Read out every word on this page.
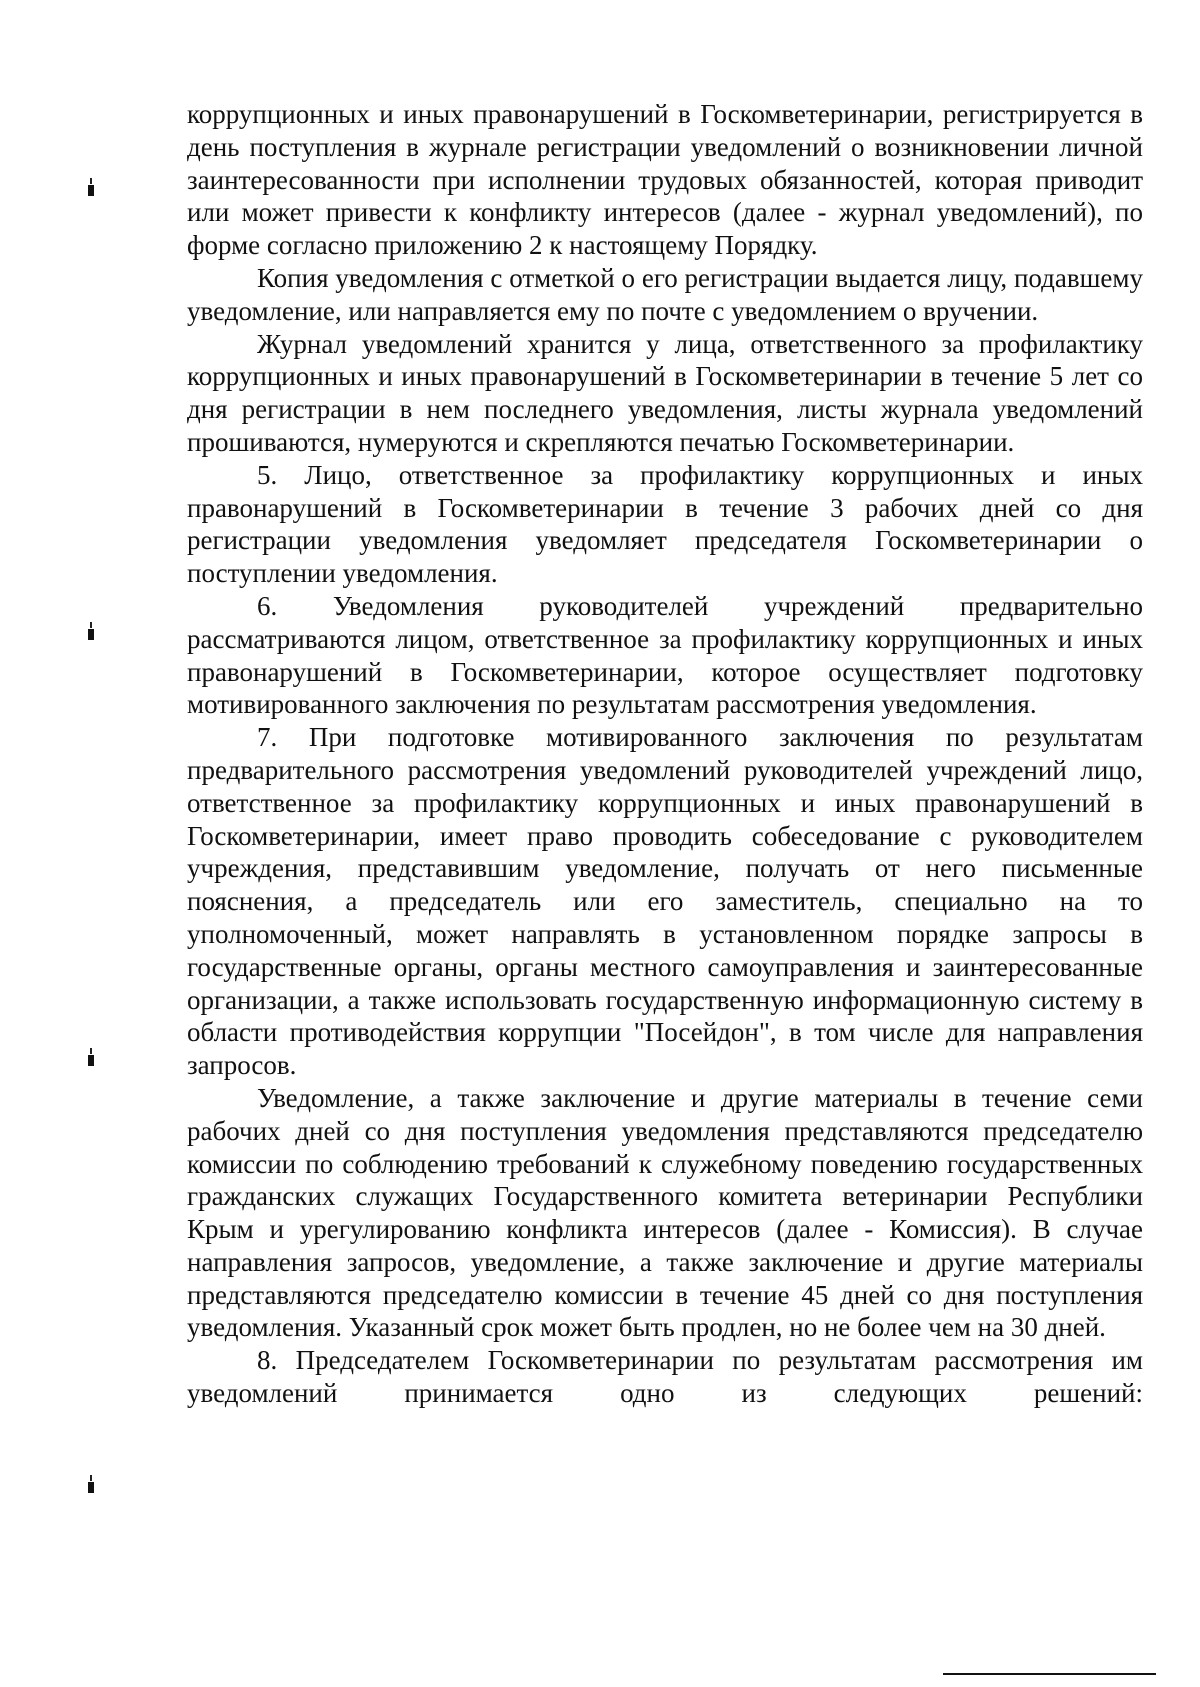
коррупционных и иных правонарушений в Госкомветеринарии, регистрируется в день поступления в журнале регистрации уведомлений о возникновении личной заинтересованности при исполнении трудовых обязанностей, которая приводит или может привести к конфликту интересов (далее - журнал уведомлений), по форме согласно приложению 2 к настоящему Порядку.

Копия уведомления с отметкой о его регистрации выдается лицу, подавшему уведомление, или направляется ему по почте с уведомлением о вручении.

Журнал уведомлений хранится у лица, ответственного за профилактику коррупционных и иных правонарушений в Госкомветеринарии в течение 5 лет со дня регистрации в нем последнего уведомления, листы журнала уведомлений прошиваются, нумеруются и скрепляются печатью Госкомветеринарии.

5. Лицо, ответственное за профилактику коррупционных и иных правонарушений в Госкомветеринарии в течение 3 рабочих дней со дня регистрации уведомления уведомляет председателя Госкомветеринарии о поступлении уведомления.

6. Уведомления руководителей учреждений предварительно рассматриваются лицом, ответственное за профилактику коррупционных и иных правонарушений в Госкомветеринарии, которое осуществляет подготовку мотивированного заключения по результатам рассмотрения уведомления.

7. При подготовке мотивированного заключения по результатам предварительного рассмотрения уведомлений руководителей учреждений лицо, ответственное за профилактику коррупционных и иных правонарушений в Госкомветеринарии, имеет право проводить собеседование с руководителем учреждения, представившим уведомление, получать от него письменные пояснения, а председатель или его заместитель, специально на то уполномоченный, может направлять в установленном порядке запросы в государственные органы, органы местного самоуправления и заинтересованные организации, а также использовать государственную информационную систему в области противодействия коррупции "Посейдон", в том числе для направления запросов.

Уведомление, а также заключение и другие материалы в течение семи рабочих дней со дня поступления уведомления представляются председателю комиссии по соблюдению требований к служебному поведению государственных гражданских служащих Государственного комитета ветеринарии Республики Крым и урегулированию конфликта интересов (далее - Комиссия). В случае направления запросов, уведомление, а также заключение и другие материалы представляются председателю комиссии в течение 45 дней со дня поступления уведомления. Указанный срок может быть продлен, но не более чем на 30 дней.

8. Председателем Госкомветеринарии по результатам рассмотрения им уведомлений принимается одно из следующих решений:
